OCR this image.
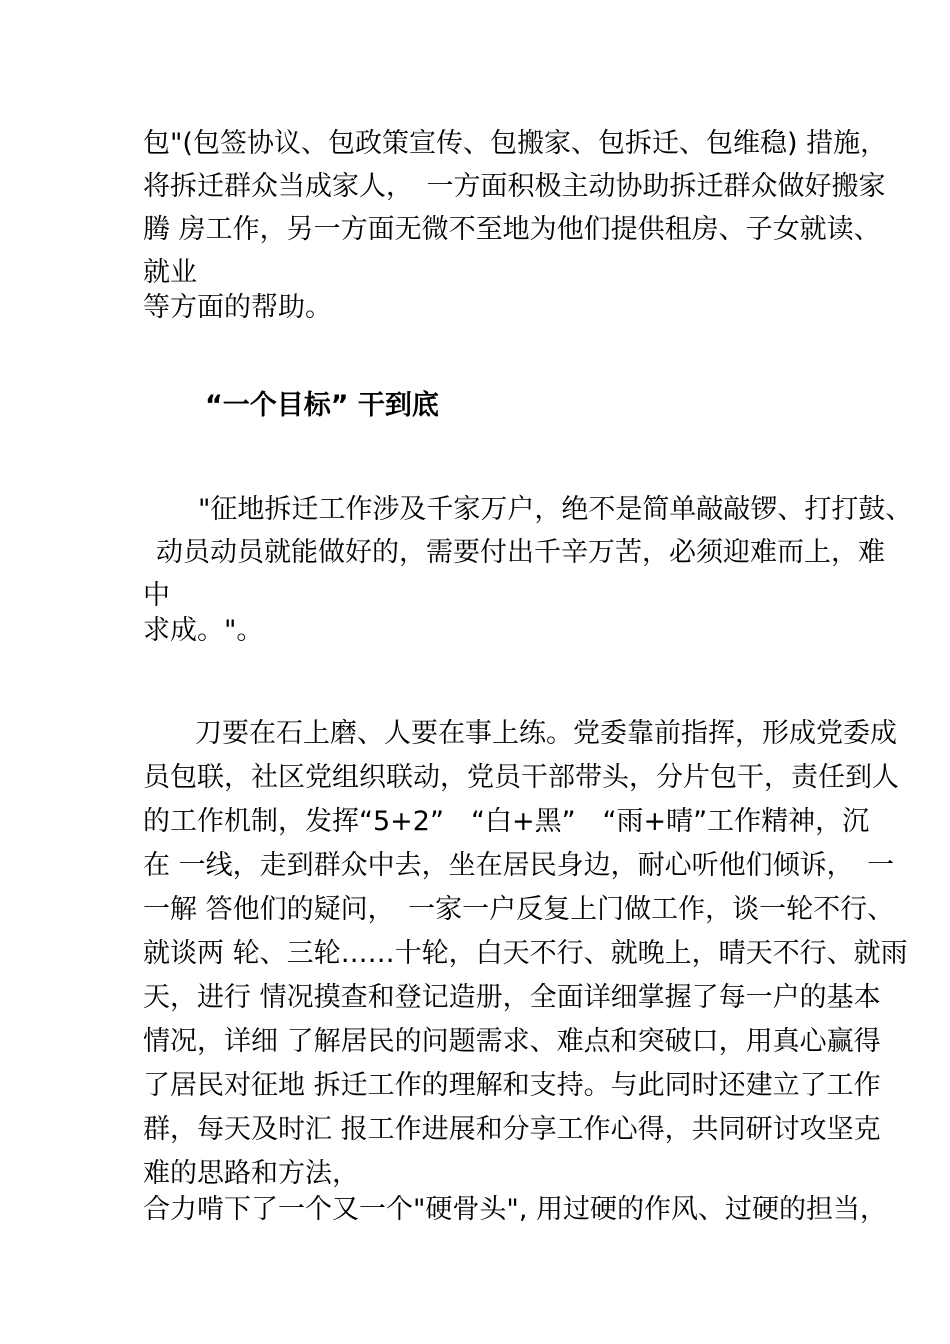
包"(包签协议、包政策宣传、包搬家、包拆迁、包维稳) 措施，
将拆迁群众当成家人，　一方面积极主动协助拆迁群众做好搬家
腾 房工作，另一方面无微不至地为他们提供租房、子女就读、
就业
等方面的帮助。
“一个目标” 干到底
"征地拆迁工作涉及千家万户，绝不是简单敲敲锣、打打鼓、
动员动员就能做好的，需要付出千辛万苦，必须迎难而上，难
中
求成。"。
刀要在石上磨、人要在事上练。党委靠前指挥，形成党委成
员包联，社区党组织联动，党员干部带头，分片包干，责任到人
的工作机制，发挥“5+2”　“白+黑”　“雨+晴”工作精神，沉
在 一线，走到群众中去，坐在居民身边，耐心听他们倾诉，　一
一解 答他们的疑问，　一家一户反复上门做工作，谈一轮不行、
就谈两 轮、三轮……十轮，白天不行、就晚上，晴天不行、就雨
天，进行 情况摸查和登记造册，全面详细掌握了每一户的基本
情况，详细 了解居民的问题需求、难点和突破口，用真心赢得
了居民对征地 拆迁工作的理解和支持。与此同时还建立了工作
群，每天及时汇 报工作进展和分享工作心得，共同研讨攻坚克
难的思路和方法，
合力啃下了一个又一个"硬骨头", 用过硬的作风、过硬的担当，
